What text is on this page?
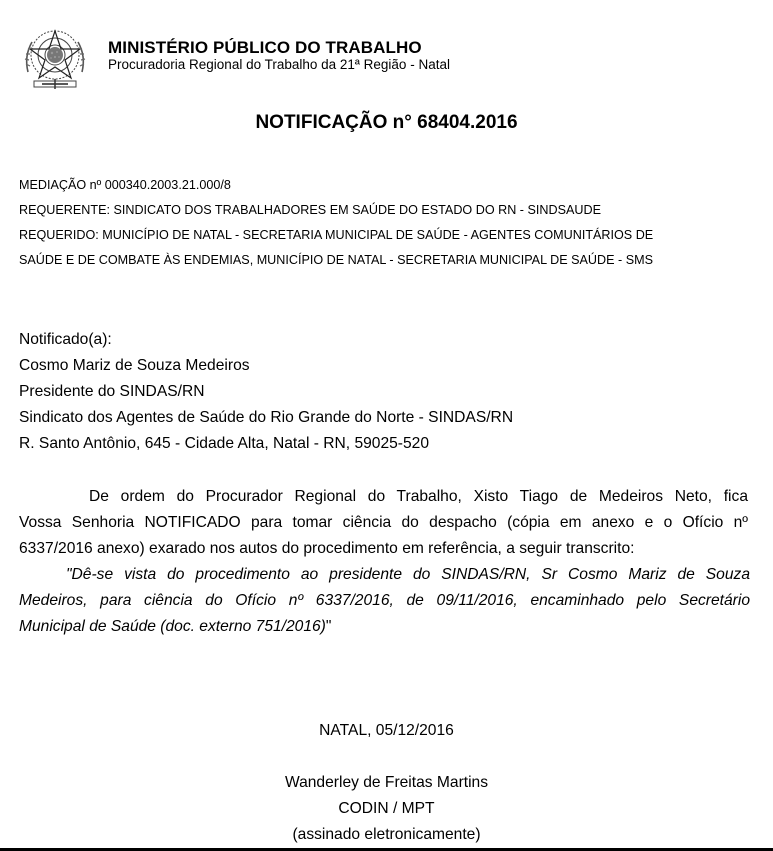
MINISTÉRIO PÚBLICO DO TRABALHO
Procuradoria Regional do Trabalho da 21ª Região - Natal
NOTIFICAÇÃO n° 68404.2016
MEDIAÇÃO nº 000340.2003.21.000/8
REQUERENTE: SINDICATO DOS TRABALHADORES EM SAÚDE DO ESTADO DO RN - SINDSAUDE
REQUERIDO: MUNICÍPIO DE NATAL - SECRETARIA MUNICIPAL DE SAÚDE - AGENTES COMUNITÁRIOS DE
SAÚDE E DE COMBATE ÀS ENDEMIAS, MUNICÍPIO DE NATAL - SECRETARIA MUNICIPAL DE SAÚDE - SMS
Notificado(a):
Cosmo Mariz de Souza Medeiros
Presidente do SINDAS/RN
Sindicato dos Agentes de Saúde do Rio Grande do Norte - SINDAS/RN
R. Santo Antônio, 645 - Cidade Alta, Natal - RN, 59025-520
De ordem do Procurador Regional do Trabalho, Xisto Tiago de Medeiros Neto, fica
Vossa Senhoria NOTIFICADO para tomar ciência do despacho (cópia em anexo e o Ofício nº
6337/2016 anexo) exarado nos autos do procedimento em referência, a seguir transcrito:
"Dê-se vista do procedimento ao presidente do SINDAS/RN, Sr Cosmo Mariz de Souza
Medeiros, para ciência do Ofício nº 6337/2016, de 09/11/2016, encaminhado pelo Secretário
Municipal de Saúde (doc. externo 751/2016)"
NATAL, 05/12/2016
Wanderley de Freitas Martins
CODIN / MPT
(assinado eletronicamente)
